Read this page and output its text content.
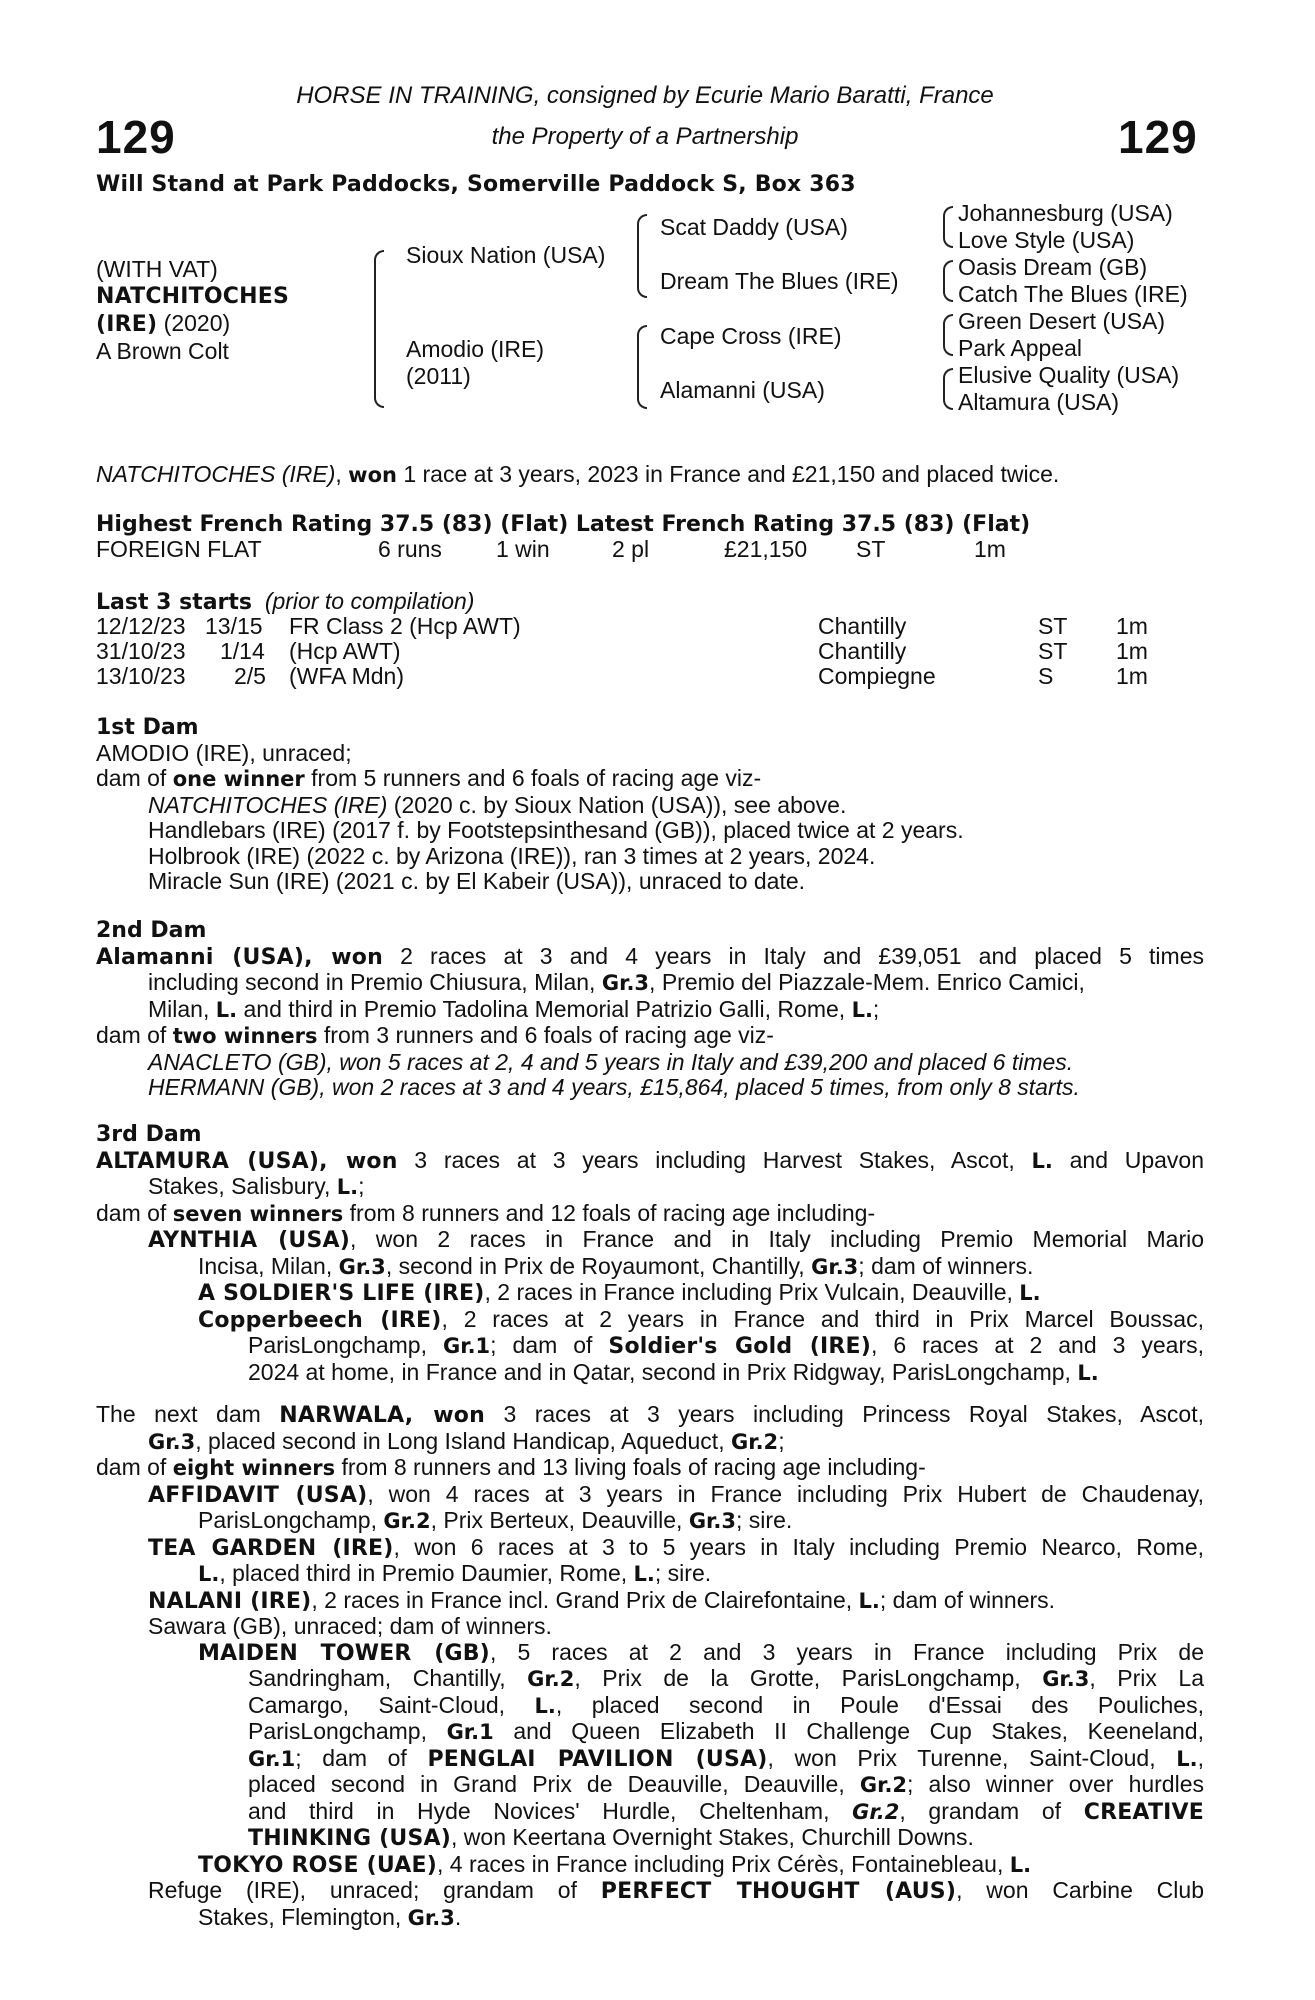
129	129
HORSE IN TRAINING, consigned by Ecurie Mario Baratti, France
the Property of a Partnership
Will Stand at Park Paddocks, Somerville Paddock S, Box 363
(WITH VAT)
NATCHITOCHES
(IRE) (2020)
A Brown Colt
Sioux Nation (USA)
Amodio (IRE)
(2011)
Scat Daddy (USA)
Dream The Blues (IRE)
Cape Cross (IRE)
Alamanni (USA)
Johannesburg (USA)
Love Style (USA)
Oasis Dream (GB)
Catch The Blues (IRE)
Green Desert (USA)
Park Appeal
Elusive Quality (USA)
Altamura (USA)
NATCHITOCHES (IRE), won 1 race at 3 years, 2023 in France and £21,150 and placed twice.
Highest French Rating 37.5 (83) (Flat) Latest French Rating 37.5 (83) (Flat)
FOREIGN FLAT	6 runs 1 win	2 pl	£21,150 ST	1m
Last 3 starts (prior to compilation)
12/12/23 13/15 FR Class 2 (Hcp AWT)	Chantilly	ST 1m
31/10/23 1/14 (Hcp AWT)	Chantilly	ST 1m
13/10/23 2/5 (WFA Mdn)	Compiegne	S	1m
1st Dam
AMODIO (IRE), unraced;
dam of one winner from 5 runners and 6 foals of racing age viz-
NATCHITOCHES (IRE) (2020 c. by Sioux Nation (USA)), see above.
Handlebars (IRE) (2017 f. by Footstepsinthesand (GB)), placed twice at 2 years.
Holbrook (IRE) (2022 c. by Arizona (IRE)), ran 3 times at 2 years, 2024.
Miracle Sun (IRE) (2021 c. by El Kabeir (USA)), unraced to date.
2nd Dam
Alamanni (USA), won 2 races at 3 and 4 years in Italy and £39,051 and placed 5 times
including second in Premio Chiusura, Milan, Gr.3, Premio del Piazzale-Mem. Enrico Camici,
Milan, L. and third in Premio Tadolina Memorial Patrizio Galli, Rome, L.;
dam of two winners from 3 runners and 6 foals of racing age viz-
ANACLETO (GB), won 5 races at 2, 4 and 5 years in Italy and £39,200 and placed 6 times.
HERMANN (GB), won 2 races at 3 and 4 years, £15,864, placed 5 times, from only 8 starts.
3rd Dam
ALTAMURA (USA), won 3 races at 3 years including Harvest Stakes, Ascot, L. and Upavon
Stakes, Salisbury, L.;
dam of seven winners from 8 runners and 12 foals of racing age including-
AYNTHIA (USA), won 2 races in France and in Italy including Premio Memorial Mario
Incisa, Milan, Gr.3, second in Prix de Royaumont, Chantilly, Gr.3; dam of winners.
A SOLDIER'S LIFE (IRE), 2 races in France including Prix Vulcain, Deauville, L.
Copperbeech (IRE), 2 races at 2 years in France and third in Prix Marcel Boussac,
ParisLongchamp, Gr.1; dam of Soldier's Gold (IRE), 6 races at 2 and 3 years,
2024 at home, in France and in Qatar, second in Prix Ridgway, ParisLongchamp, L.
The next dam NARWALA, won 3 races at 3 years including Princess Royal Stakes, Ascot,
Gr.3, placed second in Long Island Handicap, Aqueduct, Gr.2;
dam of eight winners from 8 runners and 13 living foals of racing age including-
AFFIDAVIT (USA), won 4 races at 3 years in France including Prix Hubert de Chaudenay,
ParisLongchamp, Gr.2, Prix Berteux, Deauville, Gr.3; sire.
TEA GARDEN (IRE), won 6 races at 3 to 5 years in Italy including Premio Nearco, Rome,
L., placed third in Premio Daumier, Rome, L.; sire.
NALANI (IRE), 2 races in France incl. Grand Prix de Clairefontaine, L.; dam of winners.
Sawara (GB), unraced; dam of winners.
MAIDEN TOWER (GB), 5 races at 2 and 3 years in France including Prix de
Sandringham, Chantilly, Gr.2, Prix de la Grotte, ParisLongchamp, Gr.3, Prix La
Camargo, Saint-Cloud, L., placed second in Poule d'Essai des Pouliches,
ParisLongchamp, Gr.1 and Queen Elizabeth II Challenge Cup Stakes, Keeneland,
Gr.1; dam of PENGLAI PAVILION (USA), won Prix Turenne, Saint-Cloud, L.,
placed second in Grand Prix de Deauville, Deauville, Gr.2; also winner over hurdles
and third in Hyde Novices' Hurdle, Cheltenham, Gr.2, grandam of CREATIVE
THINKING (USA), won Keertana Overnight Stakes, Churchill Downs.
TOKYO ROSE (UAE), 4 races in France including Prix Cérès, Fontainebleau, L.
Refuge (IRE), unraced; grandam of PERFECT THOUGHT (AUS), won Carbine Club
Stakes, Flemington, Gr.3.
